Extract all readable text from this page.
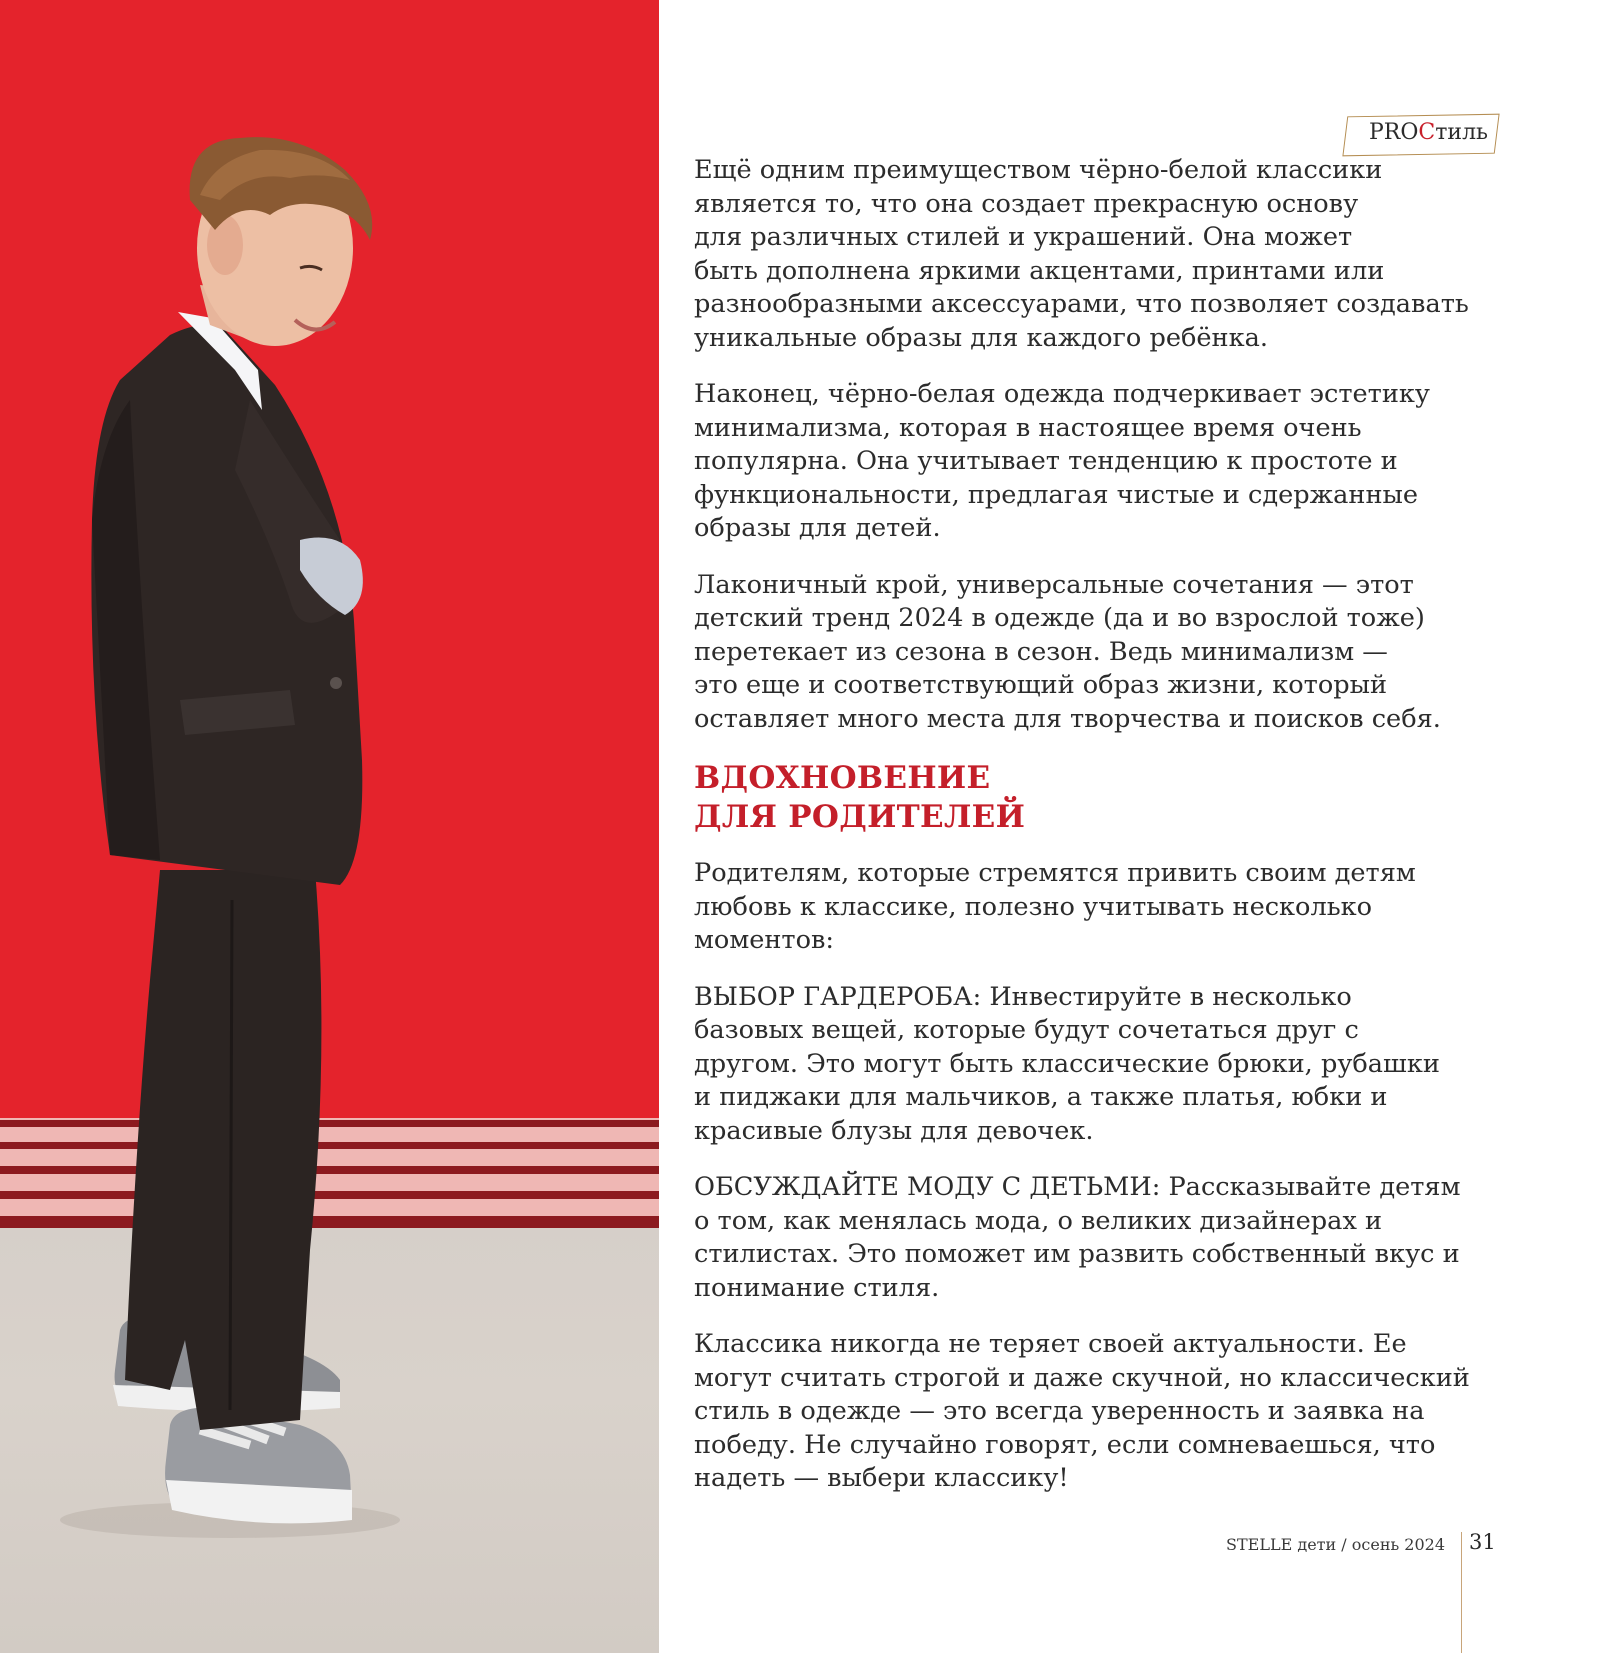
PROCтиль

Ещё одним преимуществом чёрно-белой классики
является то, что она создает прекрасную основу
для различных стилей и украшений. Она может
быть дополнена яркими акцентами, принтами или
разнообразными аксессуарами, что позволяет создавать
уникальные образы для каждого ребёнка.

Наконец, чёрно-белая одежда подчеркивает эстетику
минимализма, которая в настоящее время очень
популярна. Она учитывает тенденцию к простоте и
функциональности, предлагая чистые и сдержанные
образы для детей.

Лаконичный крой, универсальные сочетания — этот
детский тренд 2024 в одежде (да и во взрослой тоже)
перетекает из сезона в сезон. Ведь минимализм —
это еще и соответствующий образ жизни, который
оставляет много места для творчества и поисков себя.

ВДОХНОВЕНИЕ
ДЛЯ РОДИТЕЛЕЙ

Родителям, которые стремятся привить своим детям
любовь к классике, полезно учитывать несколько
моментов:

ВЫБОР ГАРДЕРОБА: Инвестируйте в несколько
базовых вещей, которые будут сочетаться друг с
другом. Это могут быть классические брюки, рубашки
и пиджаки для мальчиков, а также платья, юбки и
красивые блузы для девочек.

ОБСУЖДАЙТЕ МОДУ С ДЕТЬМИ: Рассказывайте детям
о том, как менялась мода, о великих дизайнерах и
стилистах. Это поможет им развить собственный вкус и
понимание стиля.

Классика никогда не теряет своей актуальности. Ее
могут считать строгой и даже скучной, но классический
стиль в одежде — это всегда уверенность и заявка на
победу. Не случайно говорят, если сомневаешься, что
надеть — выбери классику!

STELLE дети / осень 2024 31
